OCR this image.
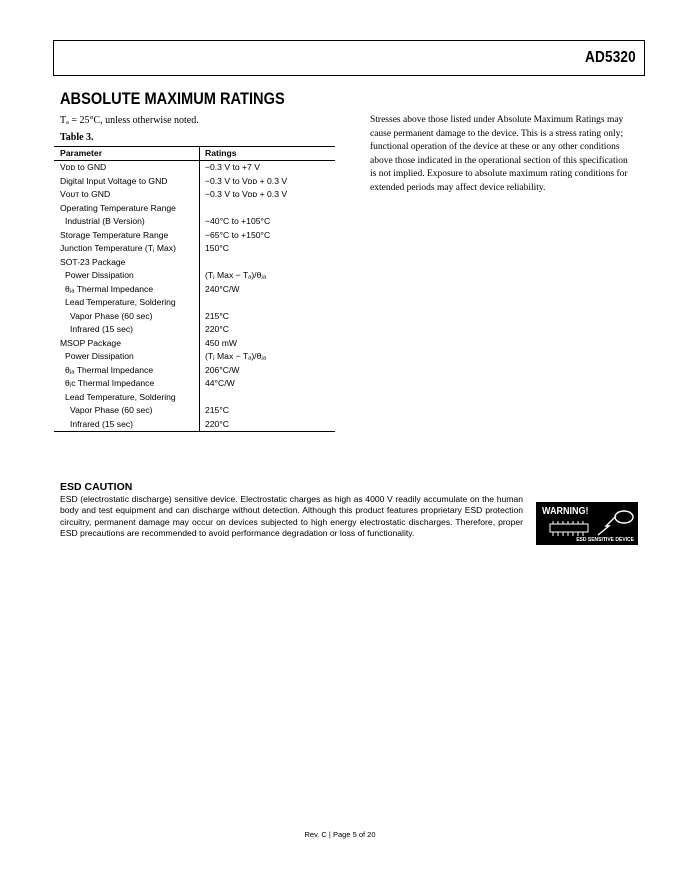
AD5320
ABSOLUTE MAXIMUM RATINGS
Tₐ = 25°C, unless otherwise noted.
Table 3.
Parameter	Ratings
Vᴅᴅ to GND	−0.3 V to +7 V
Digital Input Voltage to GND	−0.3 V to Vᴅᴅ + 0.3 V
Vᴏᴜᴛ to GND	−0.3 V to Vᴅᴅ + 0.3 V
Operating Temperature Range
Industrial (B Version)	−40°C to +105°C
Storage Temperature Range	−65°C to +150°C
Junction Temperature (Tⱼ Max)	150°C
SOT-23 Package
Power Dissipation	(Tⱼ Max − Tₐ)/θⱼₐ
θⱼₐ Thermal Impedance	240°C/W
Lead Temperature, Soldering
Vapor Phase (60 sec)	215°C
Infrared (15 sec)	220°C
MSOP Package	450 mW
Power Dissipation	(Tⱼ Max − Tₐ)/θⱼₐ
θⱼₐ Thermal Impedance	206°C/W
θⱼᴄ Thermal Impedance	44°C/W
Lead Temperature, Soldering
Vapor Phase (60 sec)	215°C
Infrared (15 sec)	220°C
Stresses above those listed under Absolute Maximum Ratings may cause permanent damage to the device. This is a stress rating only; functional operation of the device at these or any other conditions above those indicated in the operational section of this specification is not implied. Exposure to absolute maximum rating conditions for extended periods may affect device reliability.
ESD CAUTION
ESD (electrostatic discharge) sensitive device. Electrostatic charges as high as 4000 V readily accumulate on the human body and test equipment and can discharge without detection. Although this product features proprietary ESD protection circuitry, permanent damage may occur on devices subjected to high energy electrostatic discharges. Therefore, proper ESD precautions are recommended to avoid performance degradation or loss of functionality.
WARNING!
ESD SENSITIVE DEVICE
Rev. C | Page 5 of 20
